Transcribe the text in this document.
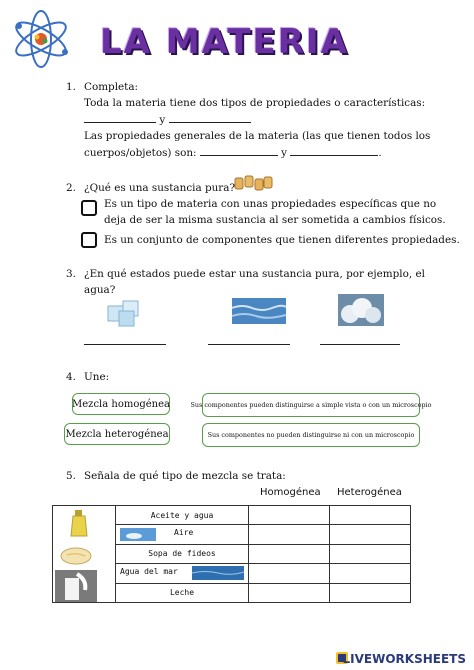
LA MATERIA
1. Completa:
Toda la materia tiene dos tipos de propiedades o características:
y
Las propiedades generales de la materia (las que tienen todos los
cuerpos/objetos) son:	y	.
2. ¿Qué es una sustancia pura?
Es un tipo de materia con unas propiedades específicas que no
deja de ser la misma sustancia al ser sometida a cambios físicos.
Es un conjunto de componentes que tienen diferentes propiedades.
3. ¿En qué estados puede estar una sustancia pura, por ejemplo, el
agua?
4. Une:
Mezcla homogénea
Mezcla heterogénea
Sus componentes pueden distinguirse a simple vista o con un microscopio
Sus componentes no pueden distinguirse ni con un microscopio
5. Señala de qué tipo de mezcla se trata:
Homogénea Heterogénea
	Aceite y agua		

	Aire		

	Sopa de fideos		

	Agua del mar		

	Leche		
LIVEWORKSHEETS
